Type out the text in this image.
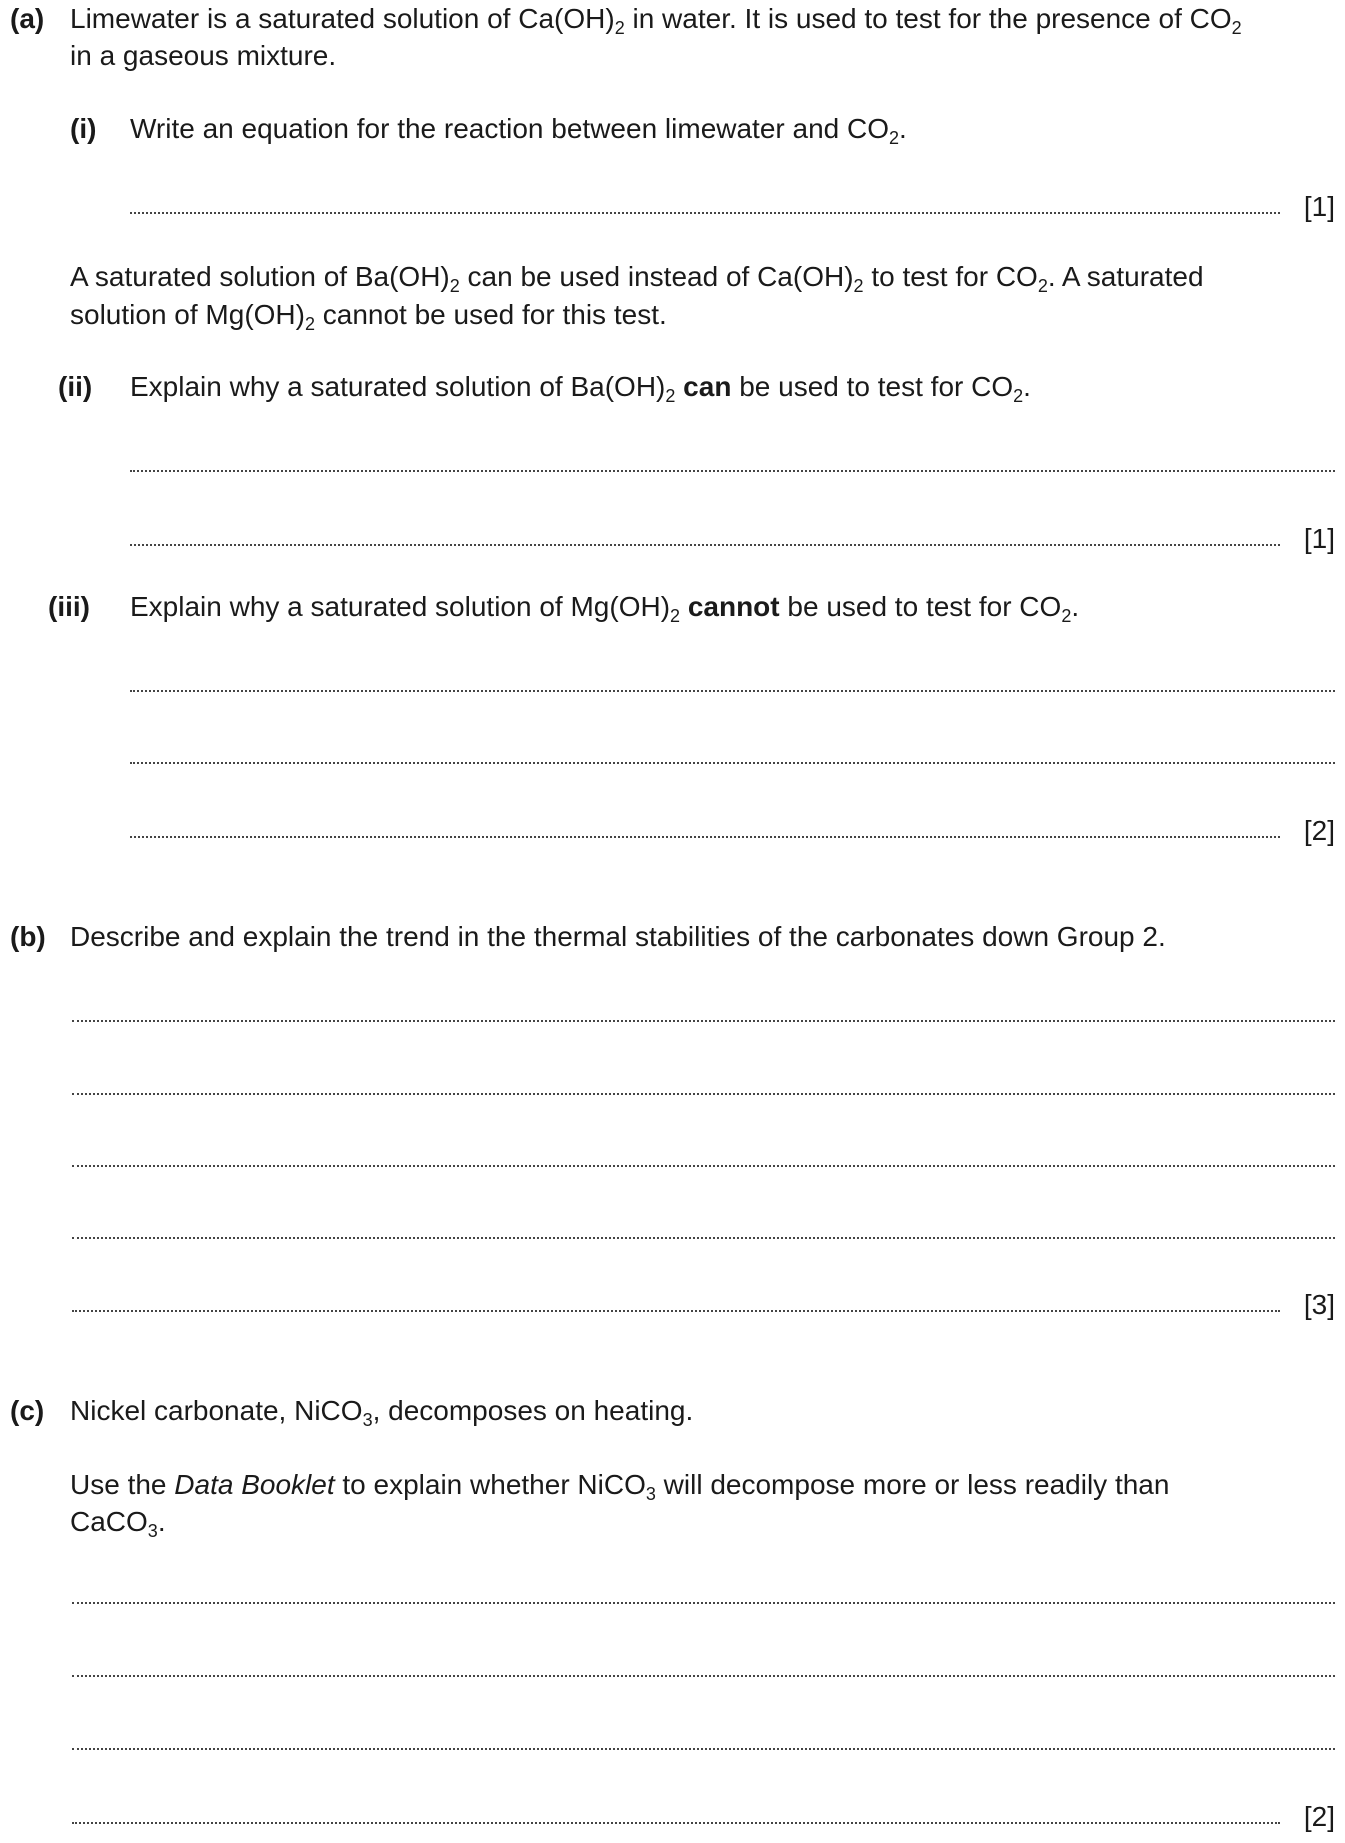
(a) Limewater is a saturated solution of $Ca(OH)_2$ in water. It is used to test for the presence of $CO_2$
in a gaseous mixture.
(i) Write an equation for the reaction between limewater and $CO_2$.
[1]
A saturated solution of $Ba(OH)_2$ can be used instead of $Ca(OH)_2$ to test for $CO_2$. A saturated
solution of $Mg(OH)_2$ cannot be used for this test.
(ii) Explain why a saturated solution of $Ba(OH)_2$ can be used to test for $CO_2$.
[1]
(iii) Explain why a saturated solution of $Mg(OH)_2$ cannot be used to test for $CO_2$.
[2]
(b) Describe and explain the trend in the thermal stabilities of the carbonates down Group 2.
[3]
(c) Nickel carbonate, NiCO$_3$, decomposes on heating.
Use the Data Booklet to explain whether NiCO$_3$ will decompose more or less readily than
CaCO$_3$.
[2]
